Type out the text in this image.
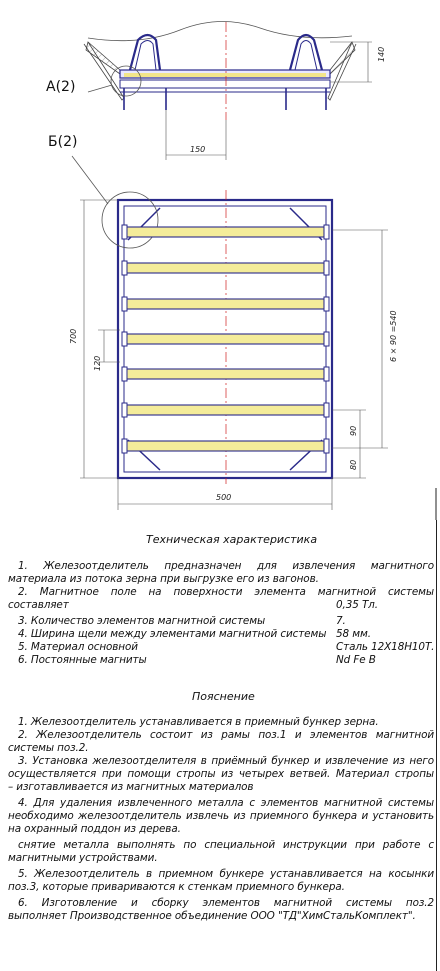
140
150
700
120
6 × 90 =540
90
80
500
А(2)
Б(2)
Техническая характеристика
1. Железоотделитель предназначен для извлечения магнитного
материала из потока зерна при выгрузке его из вагонов.
2. Магнитное поле на поверхности элемента магнитной системы
составляет	0,35 Тл.
3. Количество элементов магнитной системы	7.
4. Ширина щели между элементами магнитной системы 58 мм.
5. Материал основной	Сталь 12Х18Н10Т.
6. Постоянные магниты	Nd Fe B
Пояснение
1. Железоотделитель устанавливается в приемный бункер зерна.
2. Железоотделитель состоит из рамы поз.1 и элементов магнитной
системы поз.2.
3. Установка железоотделителя в приёмный бункер и извлечение из него
осуществляется при помощи стропы из четырех ветвей. Материал стропы
– изготавливается из магнитных материалов
4. Для удаления извлеченного металла с элементов магнитной системы
необходимо железоотделитель извлечь из приемного бункера и установить
на охранный поддон из дерева.
снятие металла выполнять по специальной инструкции при работе с
магнитными устройствами.
5. Железоотделитель в приемном бункере устанавливается на косынки
поз.3, которые привариваются к стенкам приемного бункера.
6. Изготовление и сборку элементов магнитной системы поз.2
выполняет Производственное объединение ООО "ТД"ХимСтальКомплект".
